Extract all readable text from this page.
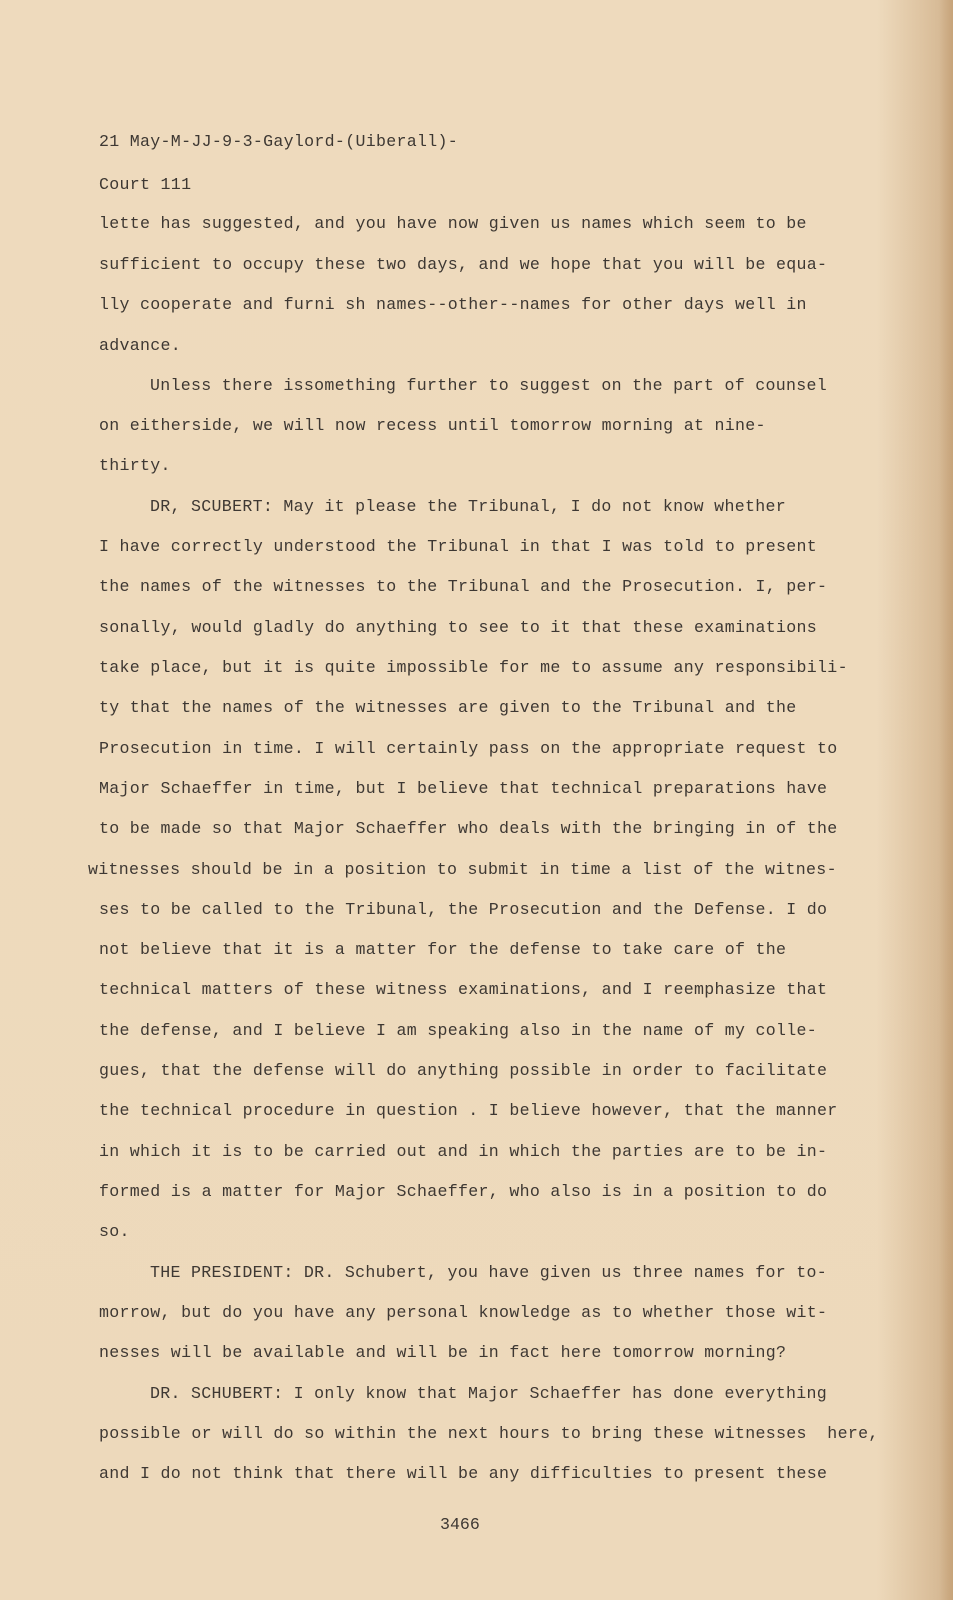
21 May-M-JJ-9-3-Gaylord-(Uiberall)-
Court 111
lette has suggested, and you have now given us names which seem to be
sufficient to occupy these two days, and we hope that you will be equa-
lly cooperate and furni sh names--other--names for other days well in
advance.
Unless there issomething further to suggest on the part of counsel
on eitherside, we will now recess until tomorrow morning at nine-
thirty.
DR, SCUBERT: May it please the Tribunal, I do not know whether
I have correctly understood the Tribunal in that I was told to present
the names of the witnesses to the Tribunal and the Prosecution. I, per-
sonally, would gladly do anything to see to it that these examinations
take place, but it is quite impossible for me to assume any responsibili-
ty that the names of the witnesses are given to the Tribunal and the
Prosecution in time. I will certainly pass on the appropriate request to
Major Schaeffer in time, but I believe that technical preparations have
to be made so that Major Schaeffer who deals with the bringing in of the
witnesses should be in a position to submit in time a list of the witnes-
ses to be called to the Tribunal, the Prosecution and the Defense. I do
not believe that it is a matter for the defense to take care of the
technical matters of these witness examinations, and I reemphasize that
the defense, and I believe I am speaking also in the name of my colle-
gues, that the defense will do anything possible in order to facilitate
the technical procedure in question . I believe however, that the manner
in which it is to be carried out and in which the parties are to be in-
formed is a matter for Major Schaeffer, who also is in a position to do
so.
THE PRESIDENT: DR. Schubert, you have given us three names for to-
morrow, but do you have any personal knowledge as to whether those wit-
nesses will be available and will be in fact here tomorrow morning?
DR. SCHUBERT: I only know that Major Schaeffer has done everything
possible or will do so within the next hours to bring these witnesses  here,
and I do not think that there will be any difficulties to present these
3466
